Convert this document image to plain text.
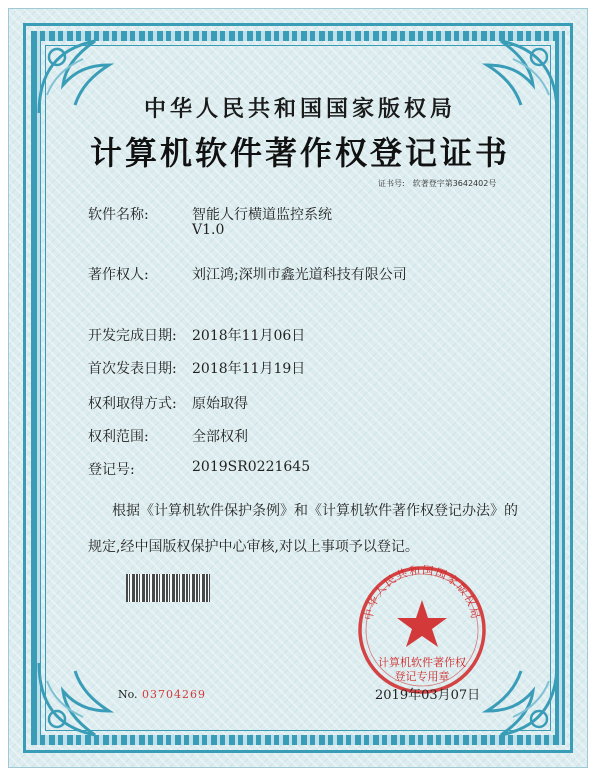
中华人民共和国国家版权局
计算机软件著作权登记证书
证书号: 软著登字第3642402号
软件名称:	智能人行横道监控系统
V1.0
著作权人:	刘江鸿;深圳市鑫光道科技有限公司
开发完成日期: 2018年11月06日
首次发表日期: 2018年11月19日
权利取得方式: 原始取得
权利范围:	全部权利
登记号:	2019SR0221645
根据《计算机软件保护条例》和《计算机软件著作权登记办法》的
规定,经中国版权保护中心审核,对以上事项予以登记。
中华人民共和国国家版权局
计算机软件著作权
登记专用章
No. 03704269	2019年03月07日
